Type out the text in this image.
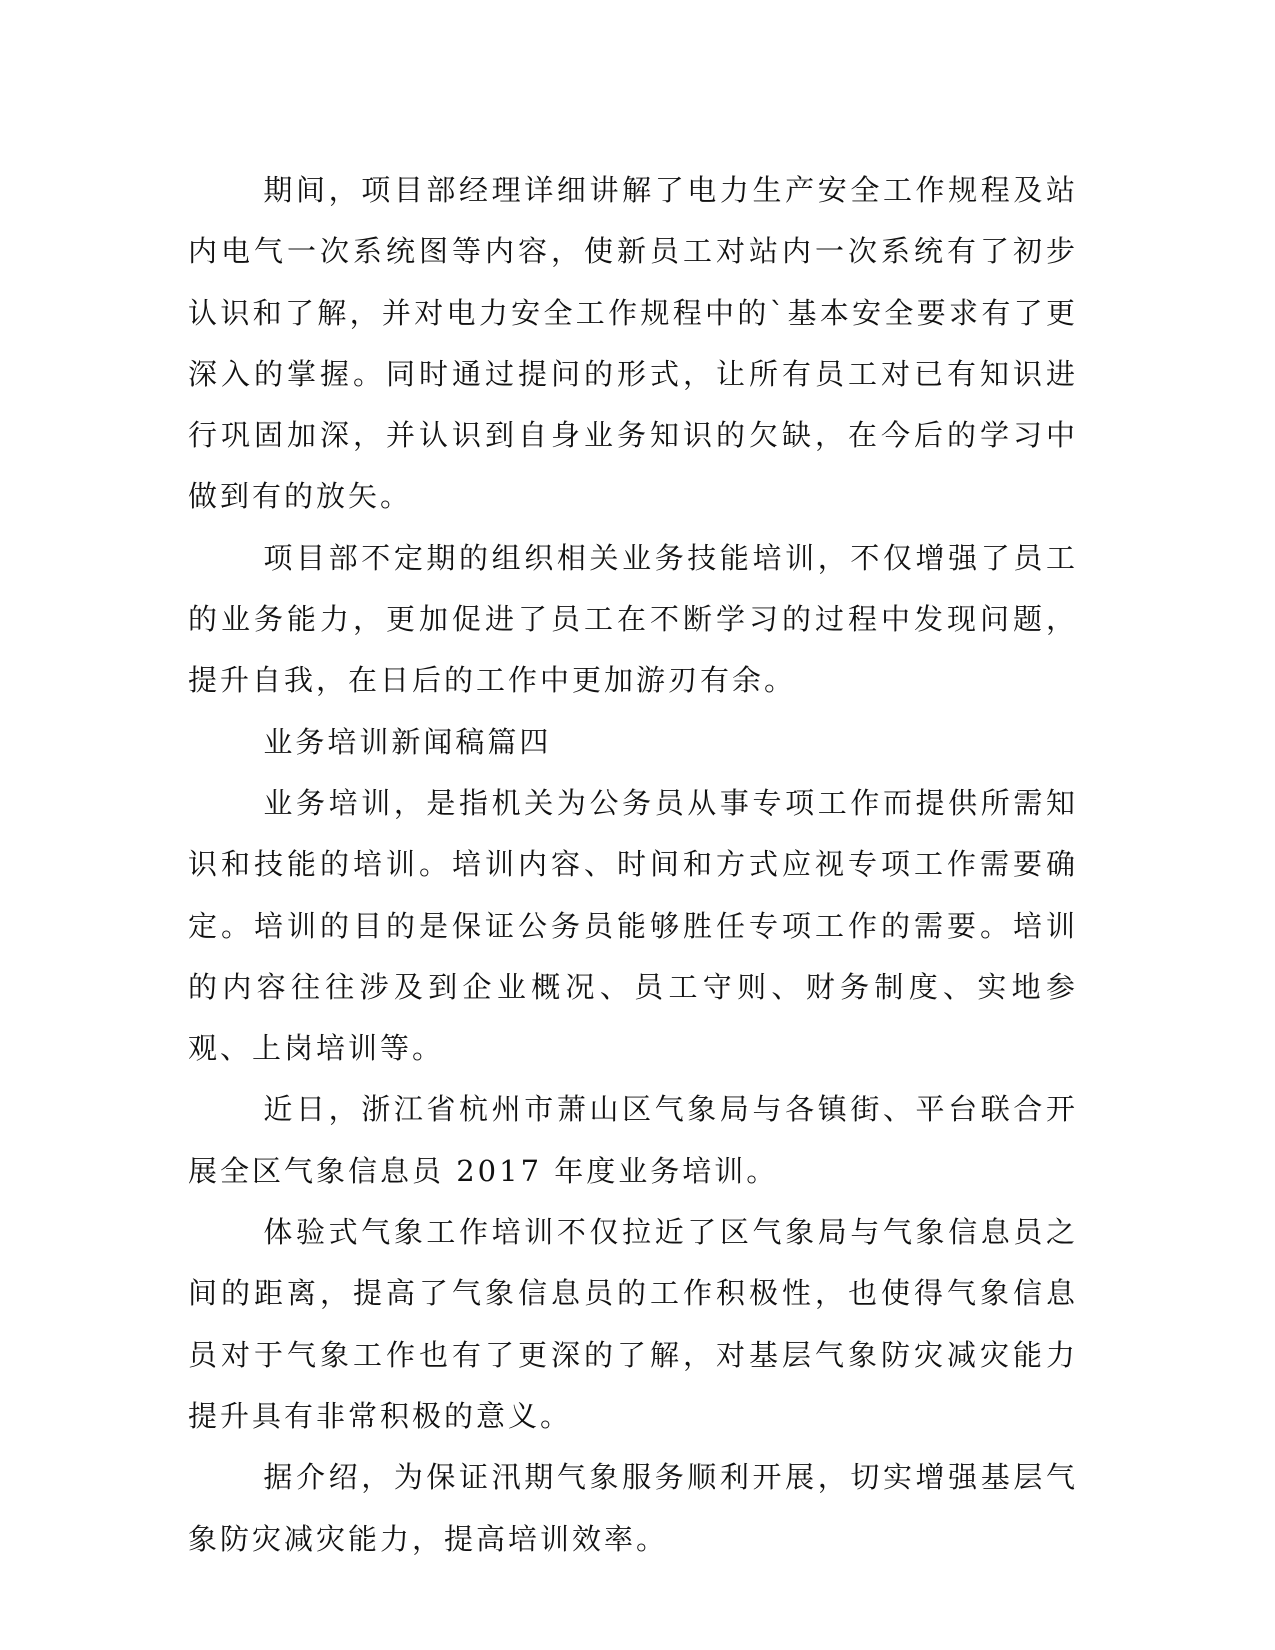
期间，项目部经理详细讲解了电力生产安全工作规程及站内电气一次系统图等内容，使新员工对站内一次系统有了初步认识和了解，并对电力安全工作规程中的`基本安全要求有了更深入的掌握。同时通过提问的形式，让所有员工对已有知识进行巩固加深，并认识到自身业务知识的欠缺，在今后的学习中做到有的放矢。

项目部不定期的组织相关业务技能培训，不仅增强了员工的业务能力，更加促进了员工在不断学习的过程中发现问题，提升自我，在日后的工作中更加游刃有余。

业务培训新闻稿篇四

业务培训，是指机关为公务员从事专项工作而提供所需知识和技能的培训。培训内容、时间和方式应视专项工作需要确定。培训的目的是保证公务员能够胜任专项工作的需要。培训的内容往往涉及到企业概况、员工守则、财务制度、实地参观、上岗培训等。

近日，浙江省杭州市萧山区气象局与各镇街、平台联合开展全区气象信息员 2017 年度业务培训。

体验式气象工作培训不仅拉近了区气象局与气象信息员之间的距离，提高了气象信息员的工作积极性，也使得气象信息员对于气象工作也有了更深的了解，对基层气象防灾减灾能力提升具有非常积极的意义。

据介绍，为保证汛期气象服务顺利开展，切实增强基层气象防灾减灾能力，提高培训效率。
